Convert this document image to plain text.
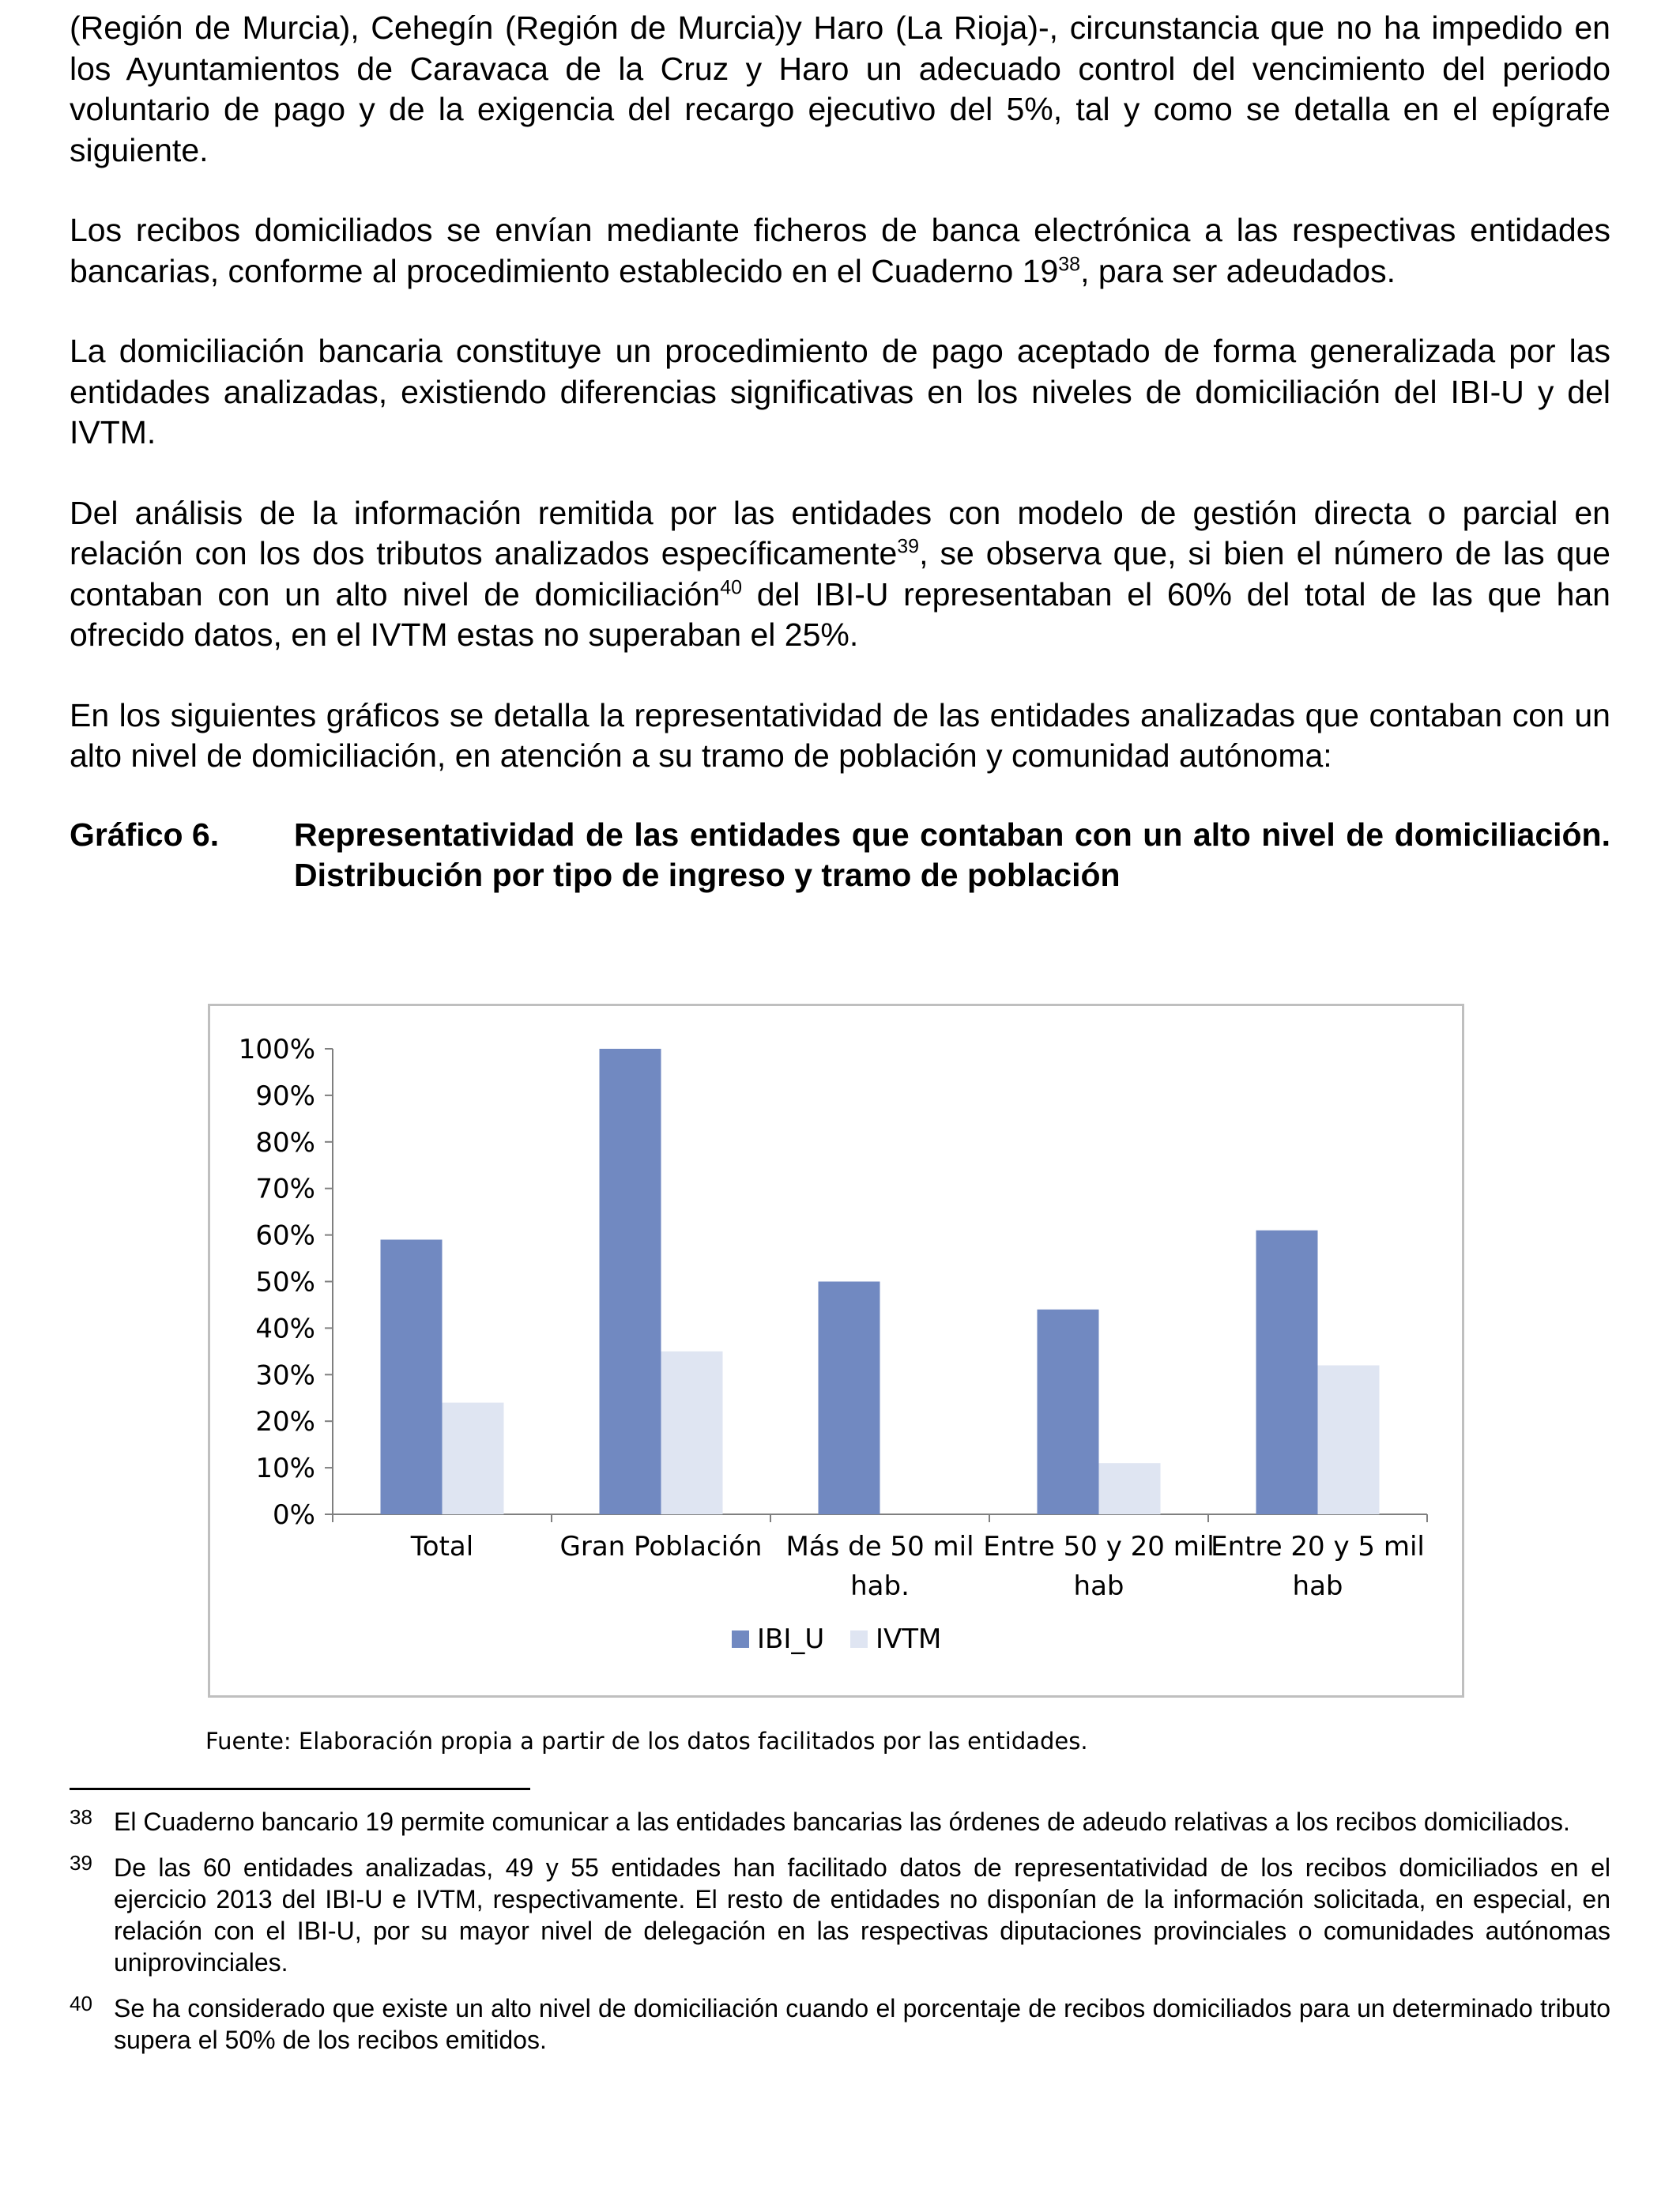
(Región de Murcia), Cehegín (Región de Murcia)y Haro (La Rioja)-, circunstancia que no ha impedido en los Ayuntamientos de Caravaca de la Cruz y Haro un adecuado control del vencimiento del periodo voluntario de pago y de la exigencia del recargo ejecutivo del 5%, tal y como se detalla en el epígrafe siguiente.

Los recibos domiciliados se envían mediante ficheros de banca electrónica a las respectivas entidades bancarias, conforme al procedimiento establecido en el Cuaderno $19^{38}$, para ser adeudados.

La domiciliación bancaria constituye un procedimiento de pago aceptado de forma generalizada por las entidades analizadas, existiendo diferencias significativas en los niveles de domiciliación del IBI-U y del IVTM.

Del análisis de la información remitida por las entidades con modelo de gestión directa o parcial en relación con los dos tributos analizados específicamente$^{39}$, se observa que, si bien el número de las que contaban con un alto nivel de domiciliación$^{40}$ del IBI-U representaban el 60% del total de las que han ofrecido datos, en el IVTM estas no superaban el 25%.

En los siguientes gráficos se detalla la representatividad de las entidades analizadas que contaban con un alto nivel de domiciliación, en atención a su tramo de población y comunidad autónoma:

Gráfico 6.	Representatividad de las entidades que contaban con un alto nivel de domiciliación. Distribución por tipo de ingreso y tramo de población
0%
10%
20%
30%
40%
50%
60%
70%
80%
90%
100%
Total	Gran Población Más de 50 mil
hab.
Entre 50 y 20 mil
hab
Entre 20 y 5 mil
hab
IBI_U IVTM
Fuente: Elaboración propia a partir de los datos facilitados por las entidades.
38 El Cuaderno bancario 19 permite comunicar a las entidades bancarias las órdenes de adeudo relativas a los recibos domiciliados.
39 De las 60 entidades analizadas, 49 y 55 entidades han facilitado datos de representatividad de los recibos domiciliados en el ejercicio 2013 del IBI-U e IVTM, respectivamente. El resto de entidades no disponían de la información solicitada, en especial, en relación con el IBI-U, por su mayor nivel de delegación en las respectivas diputaciones provinciales o comunidades autónomas uniprovinciales.
40 Se ha considerado que existe un alto nivel de domiciliación cuando el porcentaje de recibos domiciliados para un determinado tributo supera el 50% de los recibos emitidos.
